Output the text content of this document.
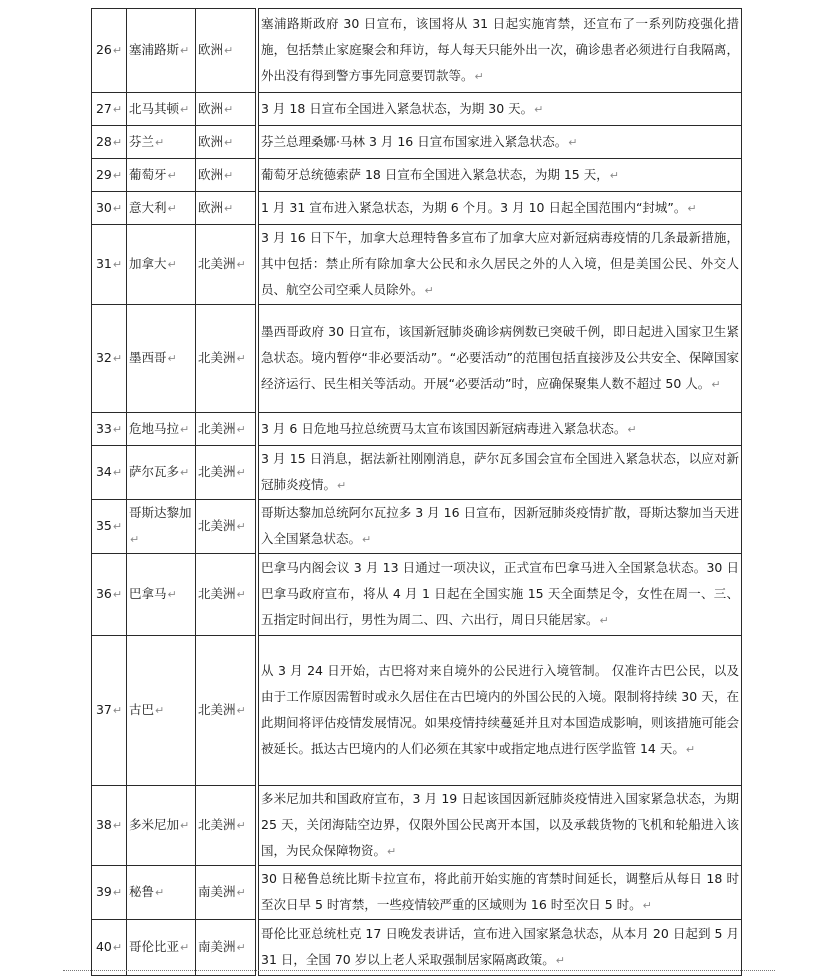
26↵	塞浦路斯↵	欧洲↵	塞浦路斯政府 30 日宣布，该国将从 31 日起实施宵禁，还宣布了一系列防疫强化措施，包括禁止家庭聚会和拜访，每人每天只能外出一次，确诊患者必须进行自我隔离，外出没有得到警方事先同意要罚款等。↵
27↵	北马其顿↵	欧洲↵	3 月 18 日宣布全国进入紧急状态，为期 30 天。↵
28↵	芬兰↵	欧洲↵	芬兰总理桑娜·马林 3 月 16 日宣布国家进入紧急状态。↵
29↵	葡萄牙↵	欧洲↵	葡萄牙总统德索萨 18 日宣布全国进入紧急状态，为期 15 天，↵
30↵	意大利↵	欧洲↵	1 月 31 宣布进入紧急状态，为期 6 个月。3 月 10 日起全国范围内“封城”。↵
31↵	加拿大↵	北美洲↵	3 月 16 日下午，加拿大总理特鲁多宣布了加拿大应对新冠病毒疫情的几条最新措施，其中包括：禁止所有除加拿大公民和永久居民之外的人入境，但是美国公民、外交人员、航空公司空乘人员除外。↵
32↵	墨西哥↵	北美洲↵	墨西哥政府 30 日宣布，该国新冠肺炎确诊病例数已突破千例，即日起进入国家卫生紧急状态。境内暂停“非必要活动”。“必要活动”的范围包括直接涉及公共安全、保障国家经济运行、民生相关等活动。开展“必要活动”时，应确保聚集人数不超过 50 人。↵
33↵	危地马拉↵	北美洲↵	3 月 6 日危地马拉总统贾马太宣布该国因新冠病毒进入紧急状态。↵
34↵	萨尔瓦多↵	北美洲↵	3 月 15 日消息，据法新社刚刚消息，萨尔瓦多国会宣布全国进入紧急状态，以应对新冠肺炎疫情。↵
35↵	哥斯达黎加↵	北美洲↵	哥斯达黎加总统阿尔瓦拉多 3 月 16 日宣布，因新冠肺炎疫情扩散，哥斯达黎加当天进入全国紧急状态。↵
36↵	巴拿马↵	北美洲↵	巴拿马内阁会议 3 月 13 日通过一项决议，正式宣布巴拿马进入全国紧急状态。30 日巴拿马政府宣布，将从 4 月 1 日起在全国实施 15 天全面禁足令，女性在周一、三、五指定时间出行，男性为周二、四、六出行，周日只能居家。↵
37↵	古巴↵	北美洲↵	从 3 月 24 日开始，古巴将对来自境外的公民进行入境管制。 仅准许古巴公民，以及由于工作原因需暂时或永久居住在古巴境内的外国公民的入境。限制将持续 30 天，在此期间将评估疫情发展情况。如果疫情持续蔓延并且对本国造成影响，则该措施可能会被延长。抵达古巴境内的人们必须在其家中或指定地点进行医学监管 14 天。↵
38↵	多米尼加↵	北美洲↵	多米尼加共和国政府宣布，3 月 19 日起该国因新冠肺炎疫情进入国家紧急状态，为期 25 天，关闭海陆空边界，仅限外国公民离开本国，以及承载货物的飞机和轮船进入该国，为民众保障物资。↵
39↵	秘鲁↵	南美洲↵	30 日秘鲁总统比斯卡拉宣布，将此前开始实施的宵禁时间延长，调整后从每日 18 时至次日早 5 时宵禁，一些疫情较严重的区域则为 16 时至次日 5 时。↵
40↵	哥伦比亚↵	南美洲↵	哥伦比亚总统杜克 17 日晚发表讲话，宣布进入国家紧急状态，从本月 20 日起到 5 月 31 日，全国 70 岁以上老人采取强制居家隔离政策。↵
